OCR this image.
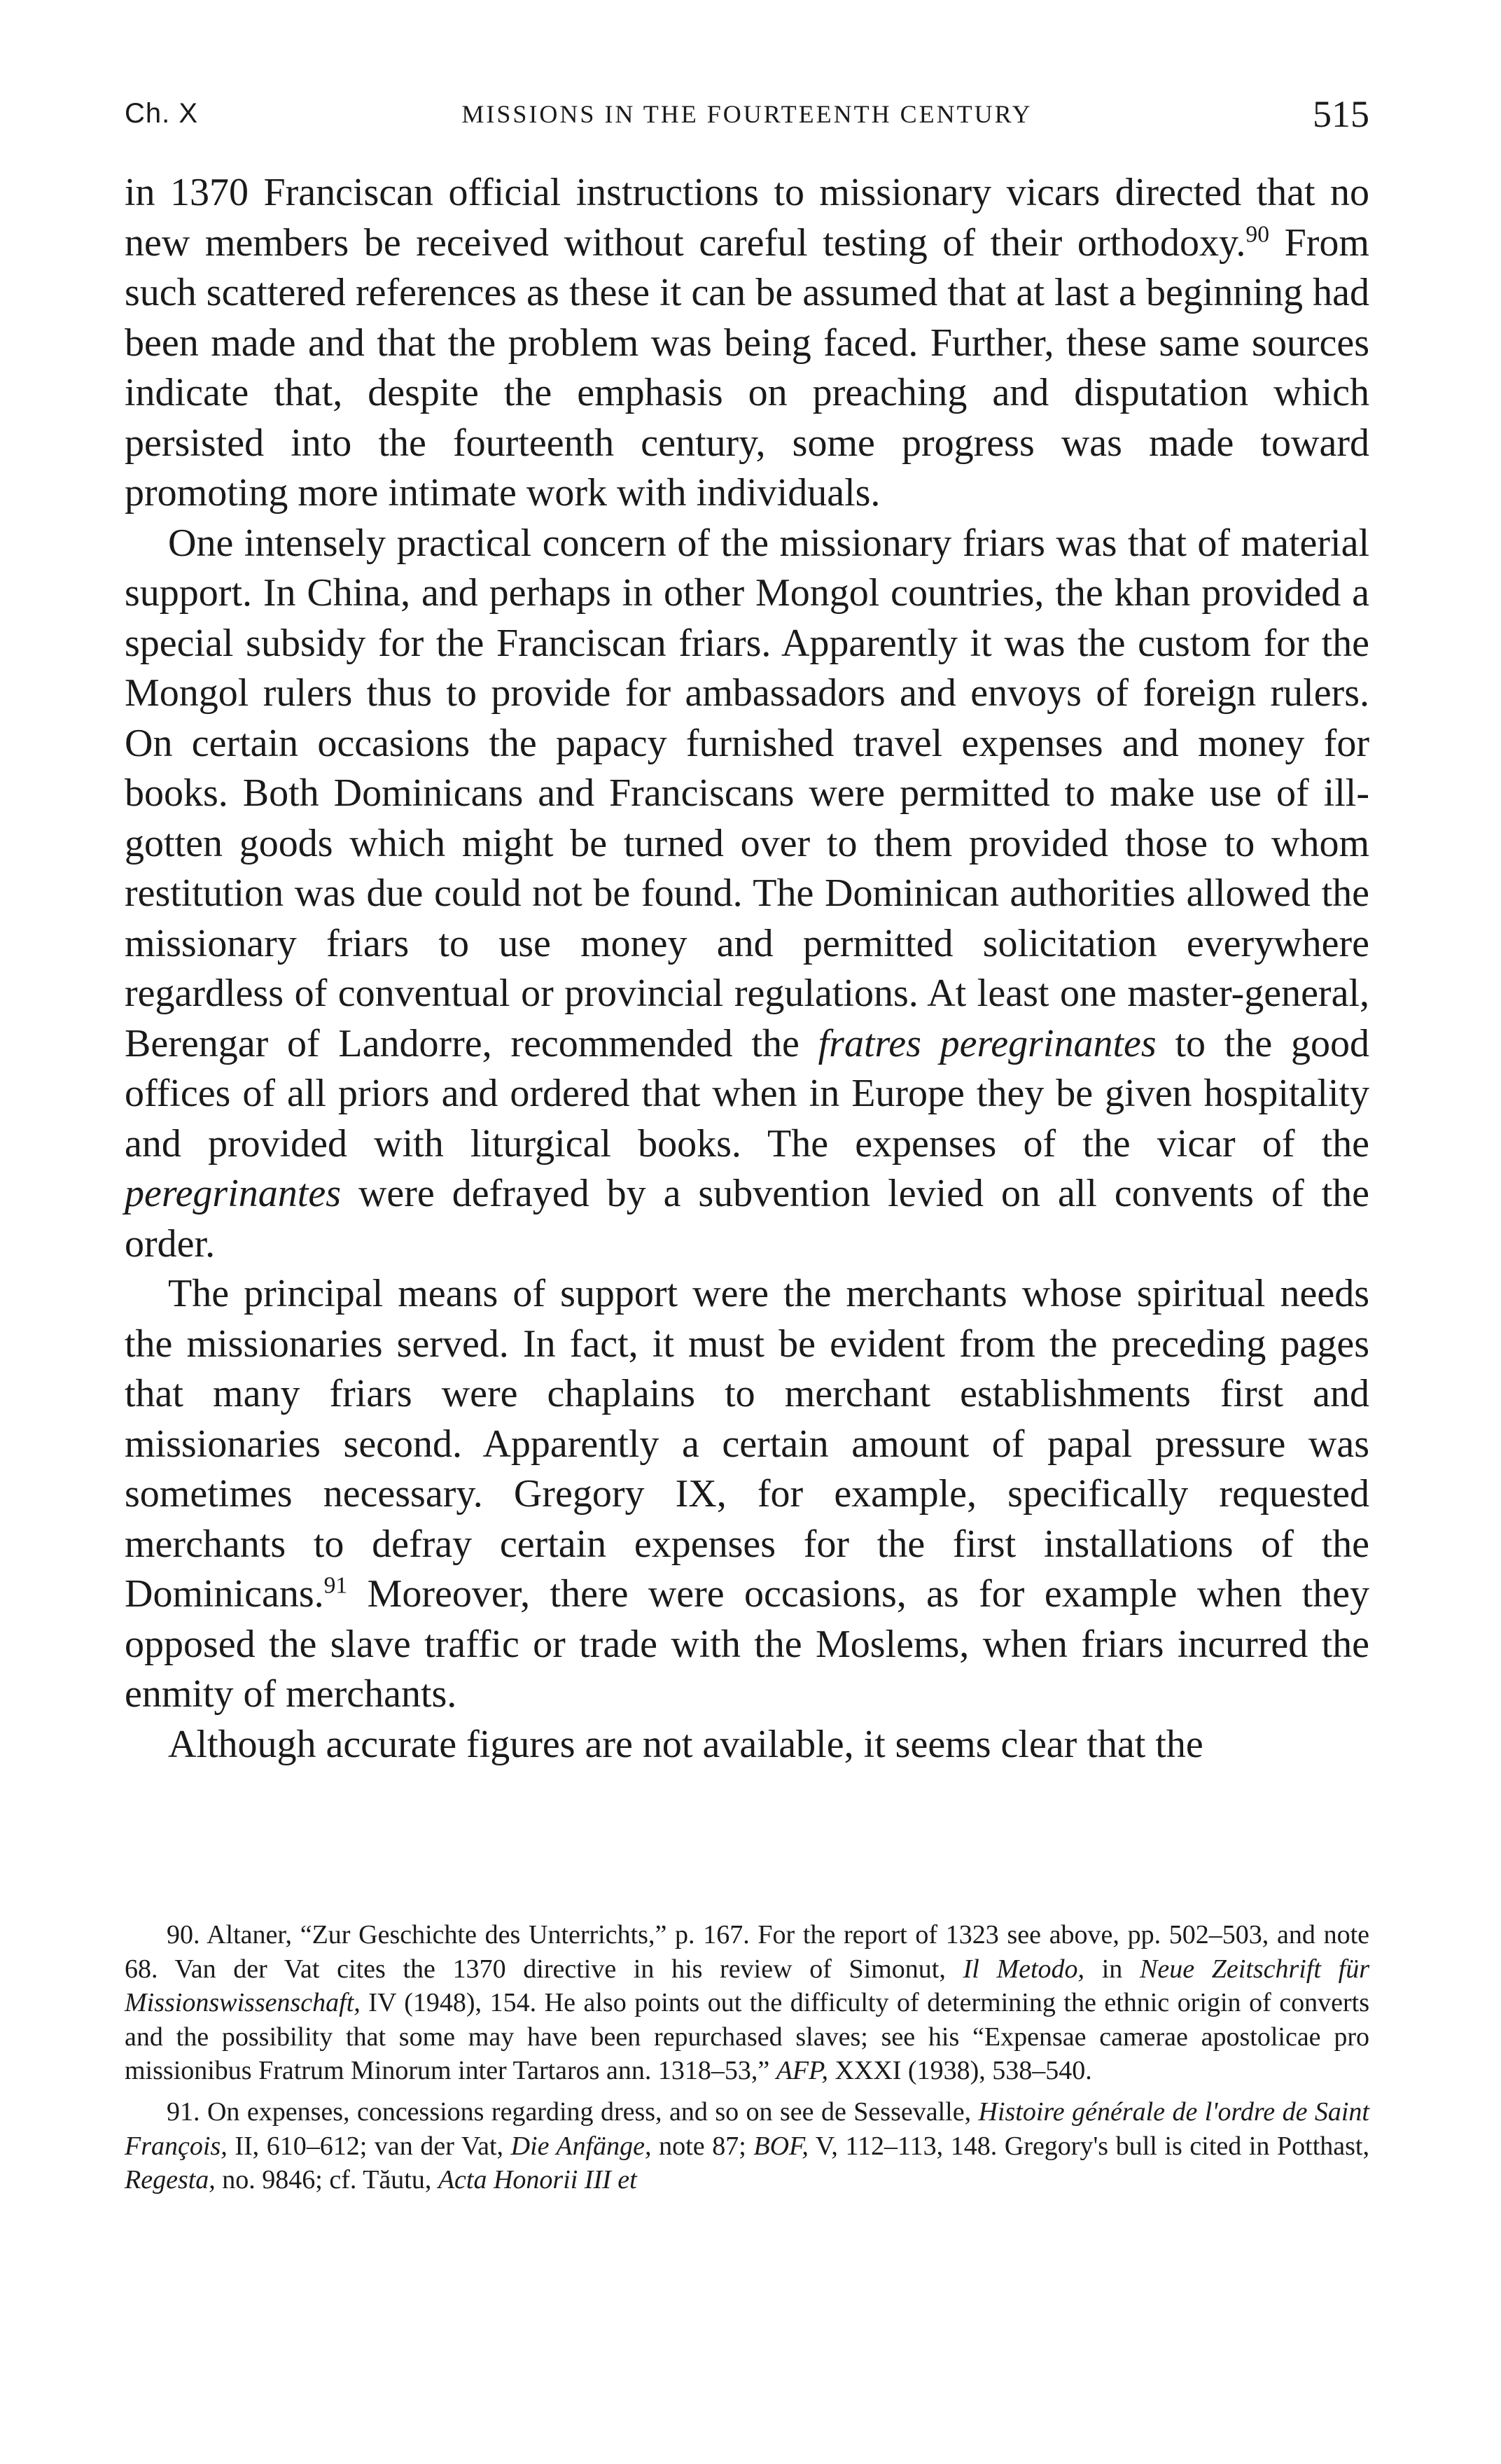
Ch. X	MISSIONS IN THE FOURTEENTH CENTURY	515

in 1370 Franciscan official instructions to missionary vicars directed that no new members be received without careful testing of their orthodoxy.$^{90}$ From such scattered references as these it can be assumed that at last a beginning had been made and that the problem was being faced. Further, these same sources indicate that, despite the emphasis on preaching and disputation which persisted into the fourteenth century, some progress was made toward promoting more intimate work with individuals.

One intensely practical concern of the missionary friars was that of material support. In China, and perhaps in other Mongol countries, the khan provided a special subsidy for the Franciscan friars. Apparently it was the custom for the Mongol rulers thus to provide for ambassadors and envoys of foreign rulers. On certain occasions the papacy furnished travel expenses and money for books. Both Dominicans and Franciscans were permitted to make use of ill-gotten goods which might be turned over to them provided those to whom restitution was due could not be found. The Dominican authorities allowed the missionary friars to use money and permitted solicitation everywhere regardless of conventual or provincial regulations. At least one master-general, Berengar of Landorre, recommended the fratres peregrinantes to the good offices of all priors and ordered that when in Europe they be given hospitality and provided with liturgical books. The expenses of the vicar of the peregrinantes were defrayed by a subvention levied on all convents of the order.

The principal means of support were the merchants whose spiritual needs the missionaries served. In fact, it must be evident from the preceding pages that many friars were chaplains to merchant establishments first and missionaries second. Apparently a certain amount of papal pressure was sometimes necessary. Gregory IX, for example, specifically requested merchants to defray certain expenses for the first installations of the Dominicans.$^{91}$ Moreover, there were occasions, as for example when they opposed the slave traffic or trade with the Moslems, when friars incurred the enmity of merchants.

Although accurate figures are not available, it seems clear that the

90. Altaner, “Zur Geschichte des Unterrichts,” p. 167. For the report of 1323 see above, pp. 502–503, and note 68. Van der Vat cites the 1370 directive in his review of Simonut, Il Metodo, in Neue Zeitschrift für Missionswissenschaft, IV (1948), 154. He also points out the difficulty of determining the ethnic origin of converts and the possibility that some may have been repurchased slaves; see his “Expensae camerae apostolicae pro missionibus Fratrum Minorum inter Tartaros ann. 1318–53,” AFP, XXXI (1938), 538–540.

91. On expenses, concessions regarding dress, and so on see de Sessevalle, Histoire générale de l'ordre de Saint François, II, 610–612; van der Vat, Die Anfänge, note 87; BOF, V, 112–113, 148. Gregory's bull is cited in Potthast, Regesta, no. 9846; cf. Tăutu, Acta Honorii III et
